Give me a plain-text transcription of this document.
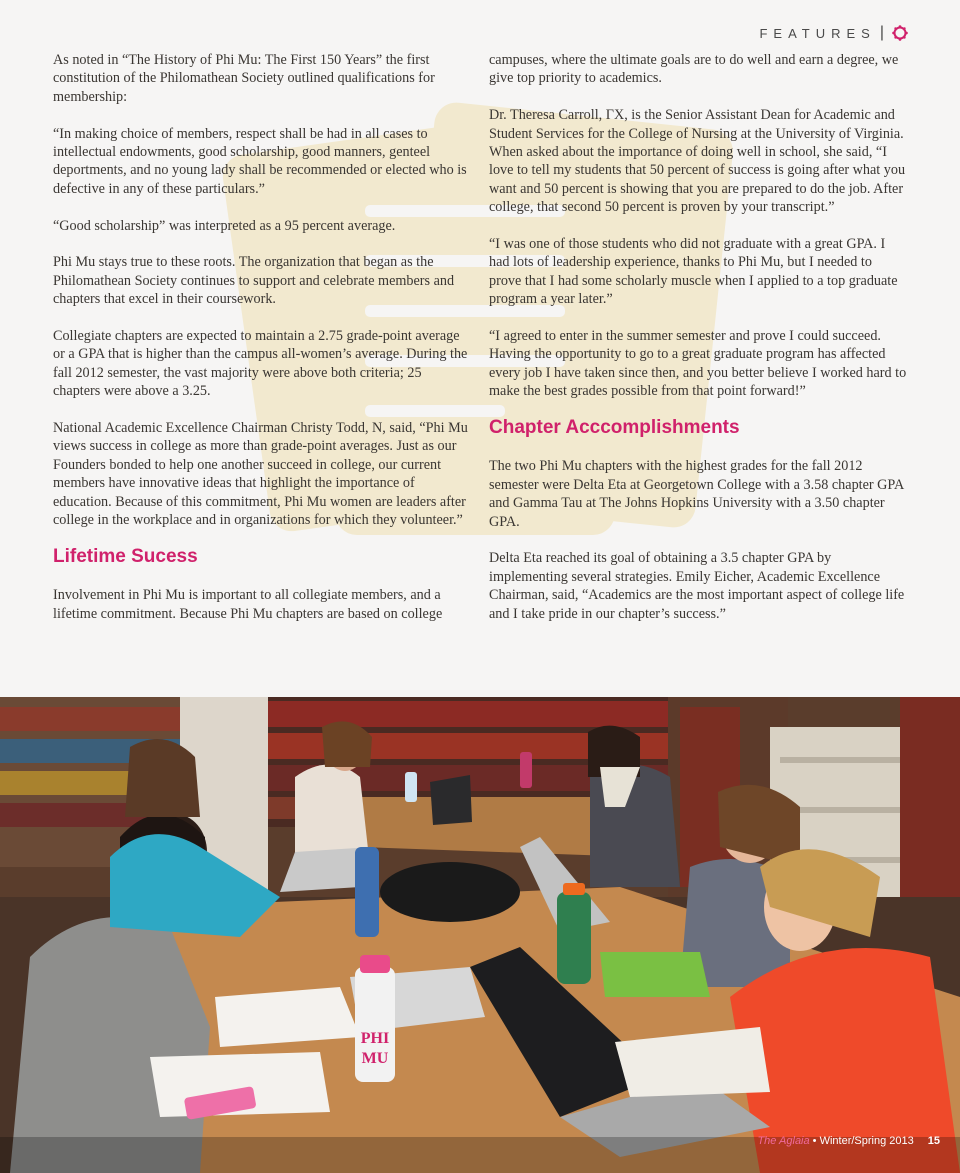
FEATURES |

As noted in “The History of Phi Mu: The First 150 Years” the first constitution of the Philomathean Society outlined qualifications for membership:

“In making choice of members, respect shall be had in all cases to intellectual endowments, good scholarship, good manners, genteel deportments, and no young lady shall be recommended or elected who is defective in any of these particulars.”

“Good scholarship” was interpreted as a 95 percent average.

Phi Mu stays true to these roots. The organization that began as the Philomathean Society continues to support and celebrate members and chapters that excel in their coursework.

Collegiate chapters are expected to maintain a 2.75 grade-point average or a GPA that is higher than the campus all-women’s average. During the fall 2012 semester, the vast majority were above both criteria; 25 chapters were above a 3.25.

National Academic Excellence Chairman Christy Todd, N, said, “Phi Mu views success in college as more than grade-point averages. Just as our Founders bonded to help one another succeed in college, our current members have innovative ideas that highlight the importance of education. Because of this commitment, Phi Mu women are leaders after college in the workplace and in organizations for which they volunteer.”

Lifetime Sucess

Involvement in Phi Mu is important to all collegiate members, and a lifetime commitment. Because Phi Mu chapters are based on college

campuses, where the ultimate goals are to do well and earn a degree, we give top priority to academics.

Dr. Theresa Carroll, ΓX, is the Senior Assistant Dean for Academic and Student Services for the College of Nursing at the University of Virginia. When asked about the importance of doing well in school, she said, “I love to tell my students that 50 percent of success is going after what you want and 50 percent is showing that you are prepared to do the job. After college, that second 50 percent is proven by your transcript.”

“I was one of those students who did not graduate with a great GPA. I had lots of leadership experience, thanks to Phi Mu, but I needed to prove that I had some scholarly muscle when I applied to a top graduate program a year later.”

“I agreed to enter in the summer semester and prove I could succeed. Having the opportunity to go to a great graduate program has affected every job I have taken since then, and you better believe I worked hard to make the best grades possible from that point forward!”

Chapter Acccomplishments

The two Phi Mu chapters with the highest grades for the fall 2012 semester were Delta Eta at Georgetown College with a 3.58 chapter GPA and Gamma Tau at The Johns Hopkins University with a 3.50 chapter GPA.

Delta Eta reached its goal of obtaining a 3.5 chapter GPA by implementing several strategies. Emily Eicher, Academic Excellence Chairman, said, “Academics are the most important aspect of college life and I take pride in our chapter’s success.”

PHI
MU
The Aglaia • Winter/Spring 2013 15
